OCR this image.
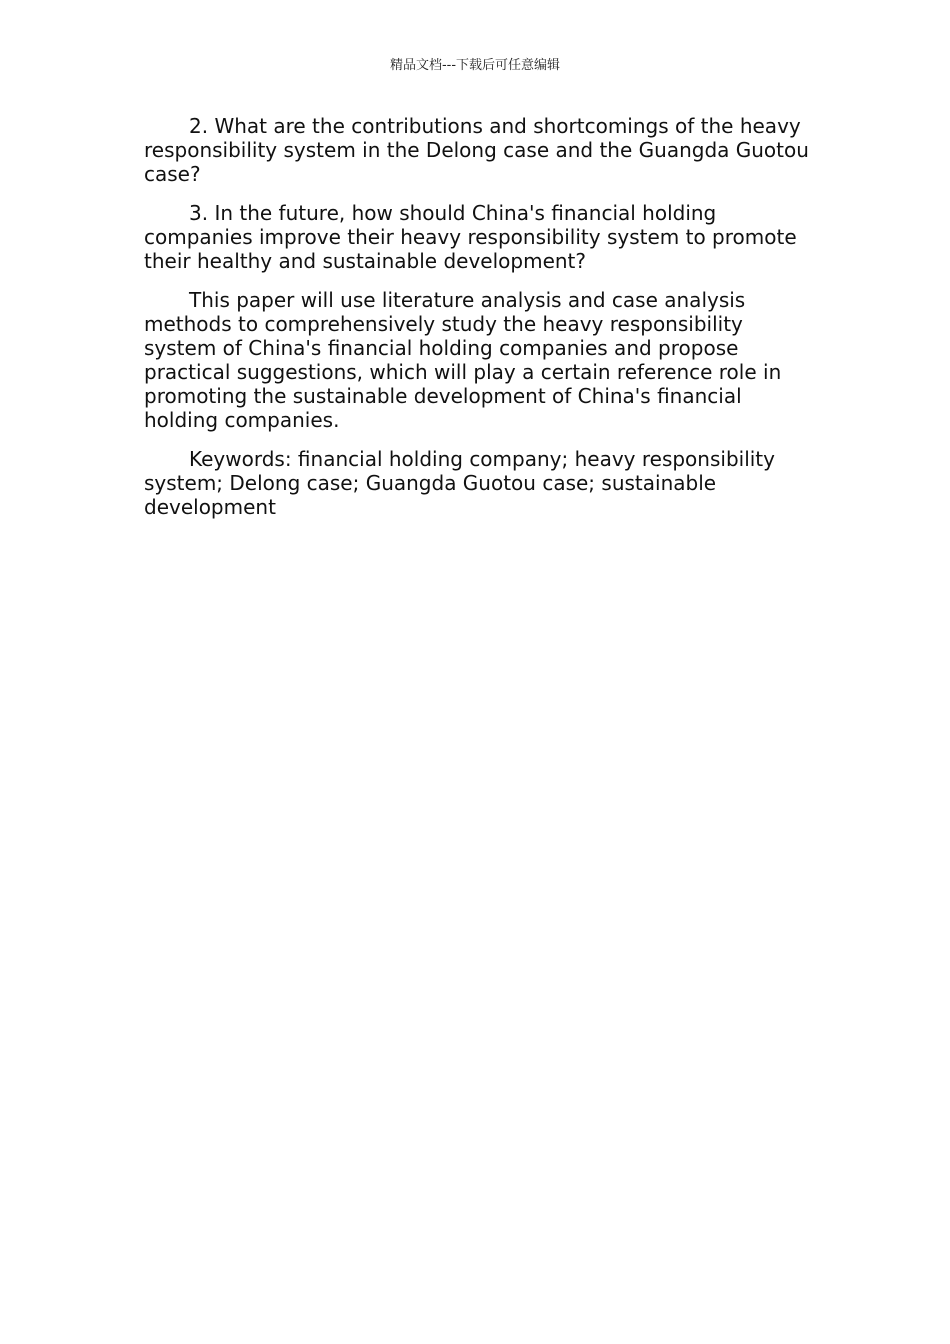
精品文档---下载后可任意编辑

2. What are the contributions and shortcomings of the heavy responsibility system in the Delong case and the Guangda Guotou case?

3. In the future, how should China's financial holding companies improve their heavy responsibility system to promote their healthy and sustainable development?

This paper will use literature analysis and case analysis methods to comprehensively study the heavy responsibility system of China's financial holding companies and propose practical suggestions, which will play a certain reference role in promoting the sustainable development of China's financial holding companies.

Keywords: financial holding company; heavy responsibility system; Delong case; Guangda Guotou case; sustainable development
